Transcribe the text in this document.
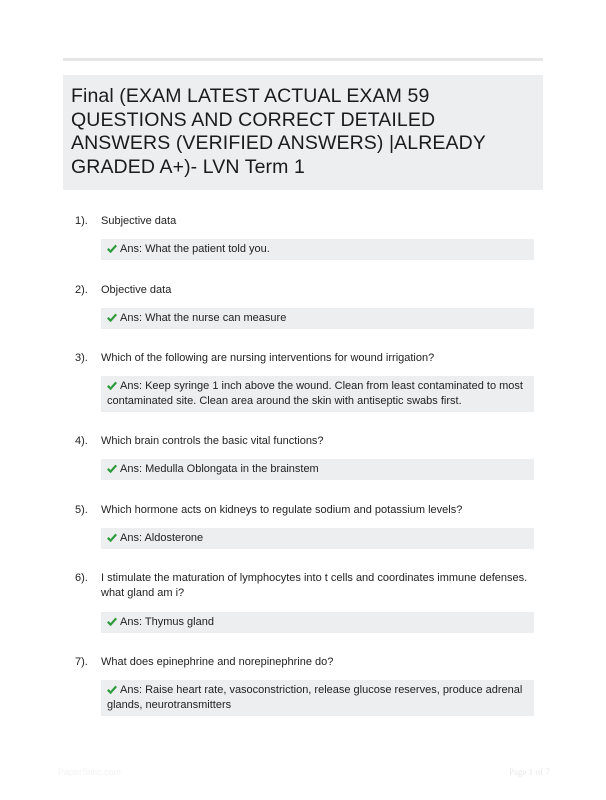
Final (EXAM LATEST ACTUAL EXAM 59 QUESTIONS AND CORRECT DETAILED ANSWERS (VERIFIED ANSWERS) |ALREADY GRADED A+)- LVN Term 1
1). Subjective data
Ans: What the patient told you.
2). Objective data
Ans: What the nurse can measure
3). Which of the following are nursing interventions for wound irrigation?
Ans: Keep syringe 1 inch above the wound. Clean from least contaminated to most contaminated site. Clean area around the skin with antiseptic swabs first.
4). Which brain controls the basic vital functions?
Ans: Medulla Oblongata in the brainstem
5). Which hormone acts on kidneys to regulate sodium and potassium levels?
Ans: Aldosterone
6). I stimulate the maturation of lymphocytes into t cells and coordinates immune defenses. what gland am i?
Ans: Thymus gland
7). What does epinephrine and norepinephrine do?
Ans: Raise heart rate, vasoconstriction, release glucose reserves, produce adrenal glands, neurotransmitters
PaperStitic.com	Page 1 of 7
